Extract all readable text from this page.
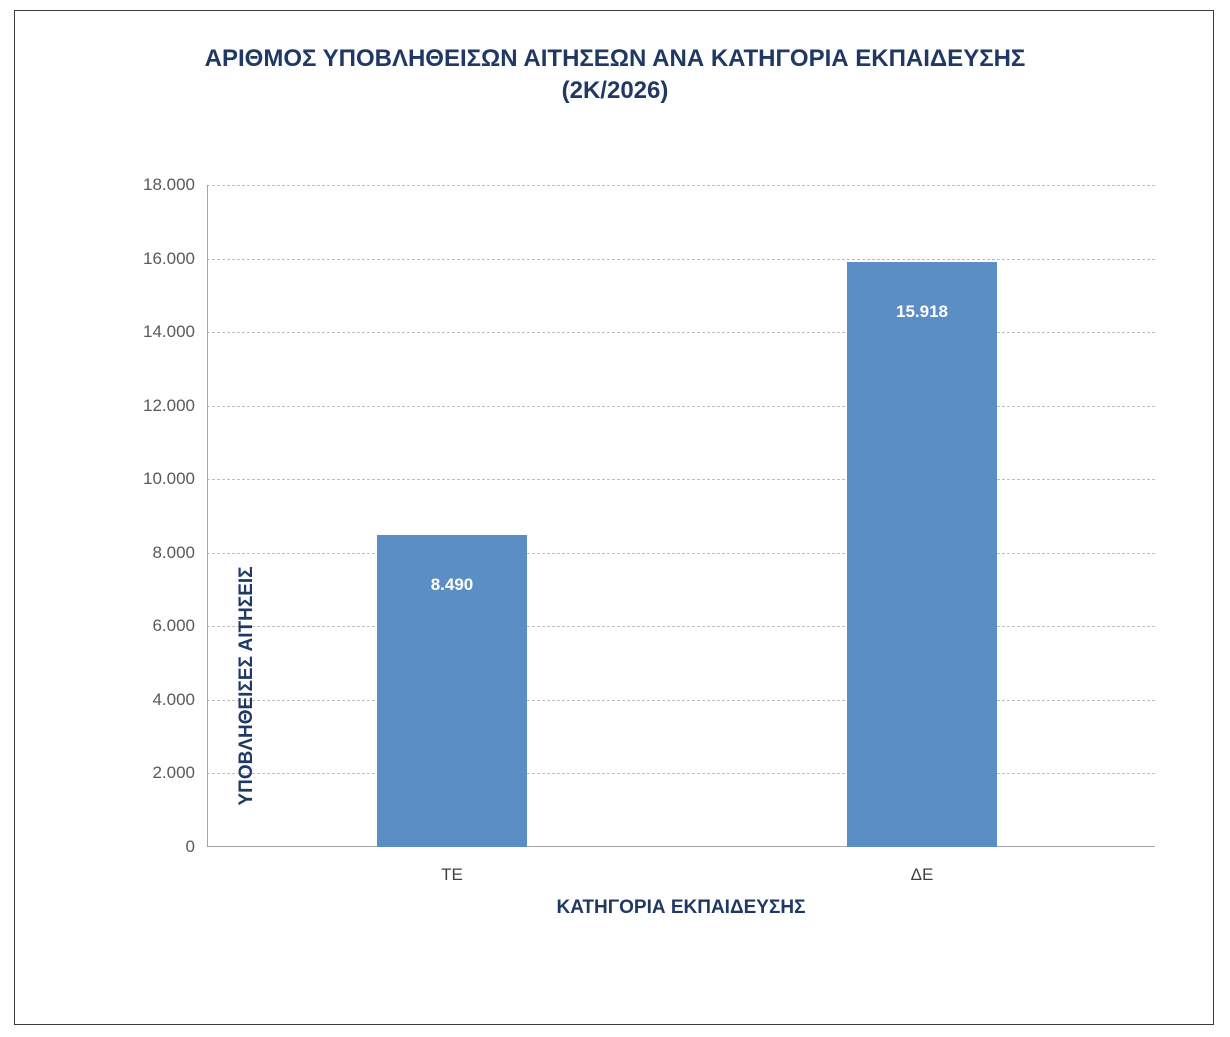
ΑΡΙΘΜΟΣ ΥΠΟΒΛΗΘΕΙΣΩΝ ΑΙΤΗΣΕΩΝ ΑΝΑ ΚΑΤΗΓΟΡΙΑ ΕΚΠΑΙΔΕΥΣΗΣ
(2Κ/2026)
18.000
16.000
14.000
12.000
10.000
8.000
6.000
4.000
2.000
0
8.490
15.918
ΥΠΟΒΛΗΘΕΙΣΕΣ ΑΙΤΗΣΕΙΣ
ΤΕ	ΔΕ
ΚΑΤΗΓΟΡΙΑ ΕΚΠΑΙΔΕΥΣΗΣ
